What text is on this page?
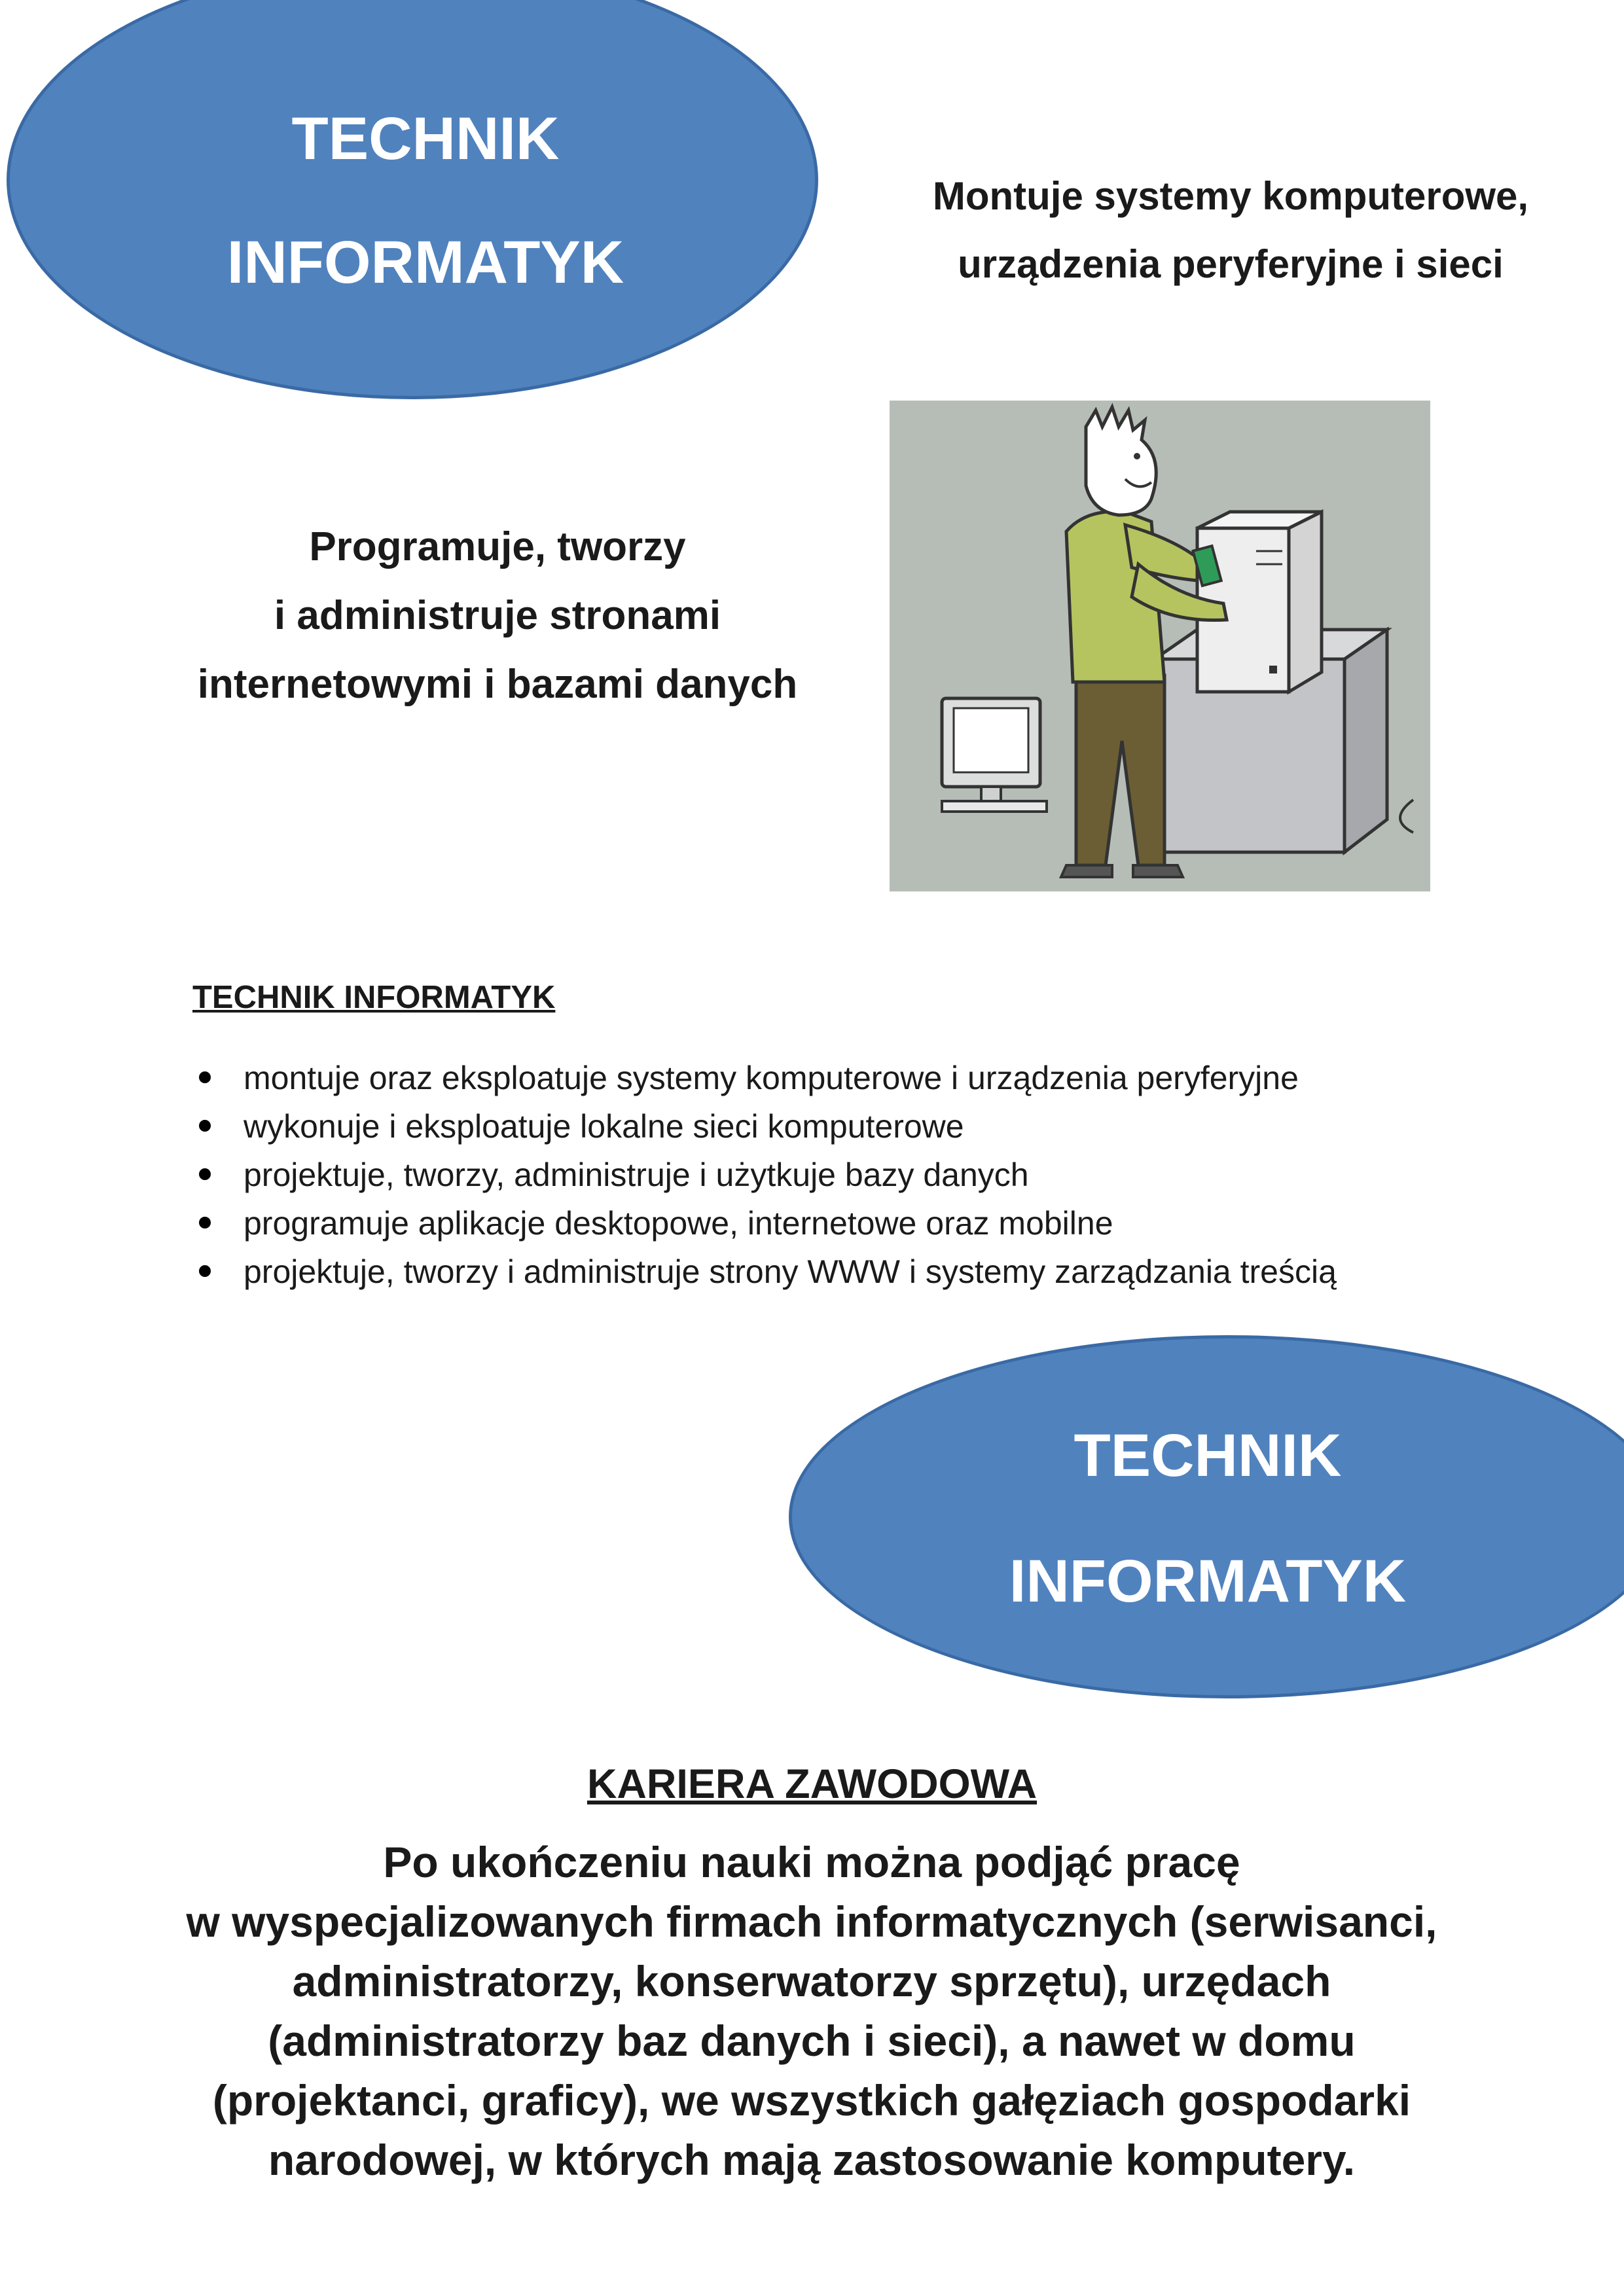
TECHNIK
INFORMATYK
Montuje systemy komputerowe,
urządzenia peryferyjne i sieci
Programuje, tworzy
i administruje stronami
internetowymi i bazami danych
TECHNIK INFORMATYK
montuje oraz eksploatuje systemy komputerowe i urządzenia peryferyjne
wykonuje i eksploatuje lokalne sieci komputerowe
projektuje, tworzy, administruje i użytkuje bazy danych
programuje aplikacje desktopowe, internetowe oraz mobilne
projektuje, tworzy i administruje strony WWW i systemy zarządzania treścią
TECHNIK
INFORMATYK
KARIERA ZAWODOWA
Po ukończeniu nauki można podjąć pracę
w wyspecjalizowanych firmach informatycznych (serwisanci,
administratorzy, konserwatorzy sprzętu), urzędach
(administratorzy baz danych i sieci), a nawet w domu
(projektanci, graficy), we wszystkich gałęziach gospodarki
narodowej, w których mają zastosowanie komputery.
